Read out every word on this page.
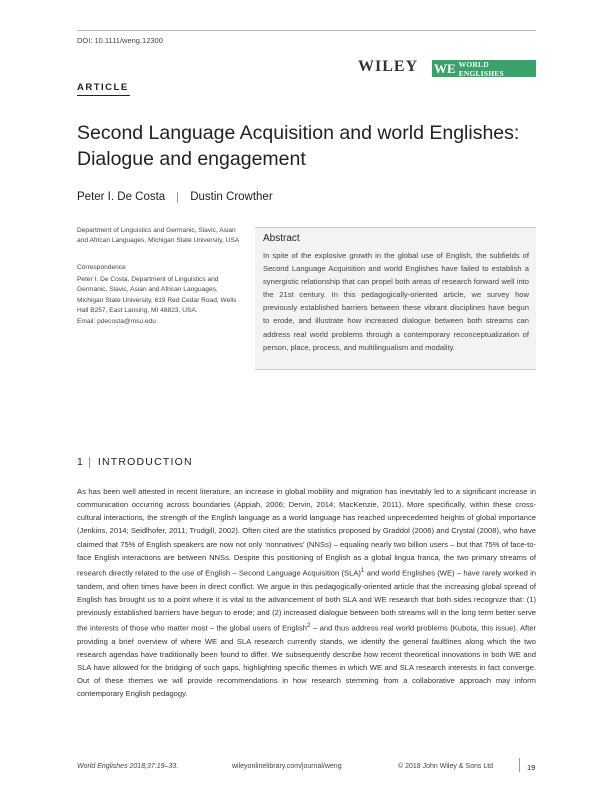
DOI: 10.1111/weng.12300
WILEY WE WORLD ENGLISHES
ARTICLE
Second Language Acquisition and world Englishes: Dialogue and engagement
Peter I. De Costa Dustin Crowther
Department of Linguistics and Germanic, Slavic, Asian and African Languages, Michigan State University, USA
Correspondence
Peter I. De Costa, Department of Linguistics and Germanic, Slavic, Asian and African Languages, Michigan State University, 619 Red Cedar Road, Wells Hall B257, East Lansing, MI 48823, USA.
Email: pdecosta@msu.edu
Abstract
In spite of the explosive growth in the global use of English, the subfields of Second Language Acquisition and world Englishes have failed to establish a synergistic relationship that can propel both areas of research forward well into the 21st century. In this pedagogically-oriented article, we survey how previously established barriers between these vibrant disciplines have begun to erode, and illustrate how increased dialogue between both streams can address real world problems through a contemporary reconceptualization of person, place, process, and multilingualism and modality.
1 INTRODUCTION
As has been well attested in recent literature, an increase in global mobility and migration has inevitably led to a significant increase in communication occurring across boundaries (Appiah, 2006; Dervin, 2014; MacKenzie, 2011). More specifically, within these cross-cultural interactions, the strength of the English language as a world language has reached unprecedented heights of global importance (Jenkins, 2014; Seidlhofer, 2011; Trudgill, 2002). Often cited are the statistics proposed by Graddol (2006) and Crystal (2008), who have claimed that 75% of English speakers are now not only ‘nonnatives’ (NNSs) – equaling nearly two billion users – but that 75% of face-to-face English interactions are between NNSs. Despite this positioning of English as a global lingua franca, the two primary streams of research directly related to the use of English – Second Language Acquisition (SLA)$^1$ and world Englishes (WE) – have rarely worked in tandem, and often times have been in direct conflict. We argue in this pedagogically-oriented article that the increasing global spread of English has brought us to a point where it is vital to the advancement of both SLA and WE research that both sides recognize that: (1) previously established barriers have begun to erode; and (2) increased dialogue between both streams will in the long term better serve the interests of those who matter most – the global users of English$^2$ – and thus address real world problems (Kubota, this issue). After providing a brief overview of where WE and SLA research currently stands, we identify the general faultlines along which the two research agendas have traditionally been found to differ. We subsequently describe how recent theoretical innovations in both WE and SLA have allowed for the bridging of such gaps, highlighting specific themes in which WE and SLA research interests in fact converge. Out of these themes we will provide recommendations in how research stemming from a collaborative approach may inform contemporary English pedagogy.
World Englishes 2018;37:19–33.	wileyonlinelibrary.com/journal/weng	© 2018 John Wiley & Sons Ltd	19
